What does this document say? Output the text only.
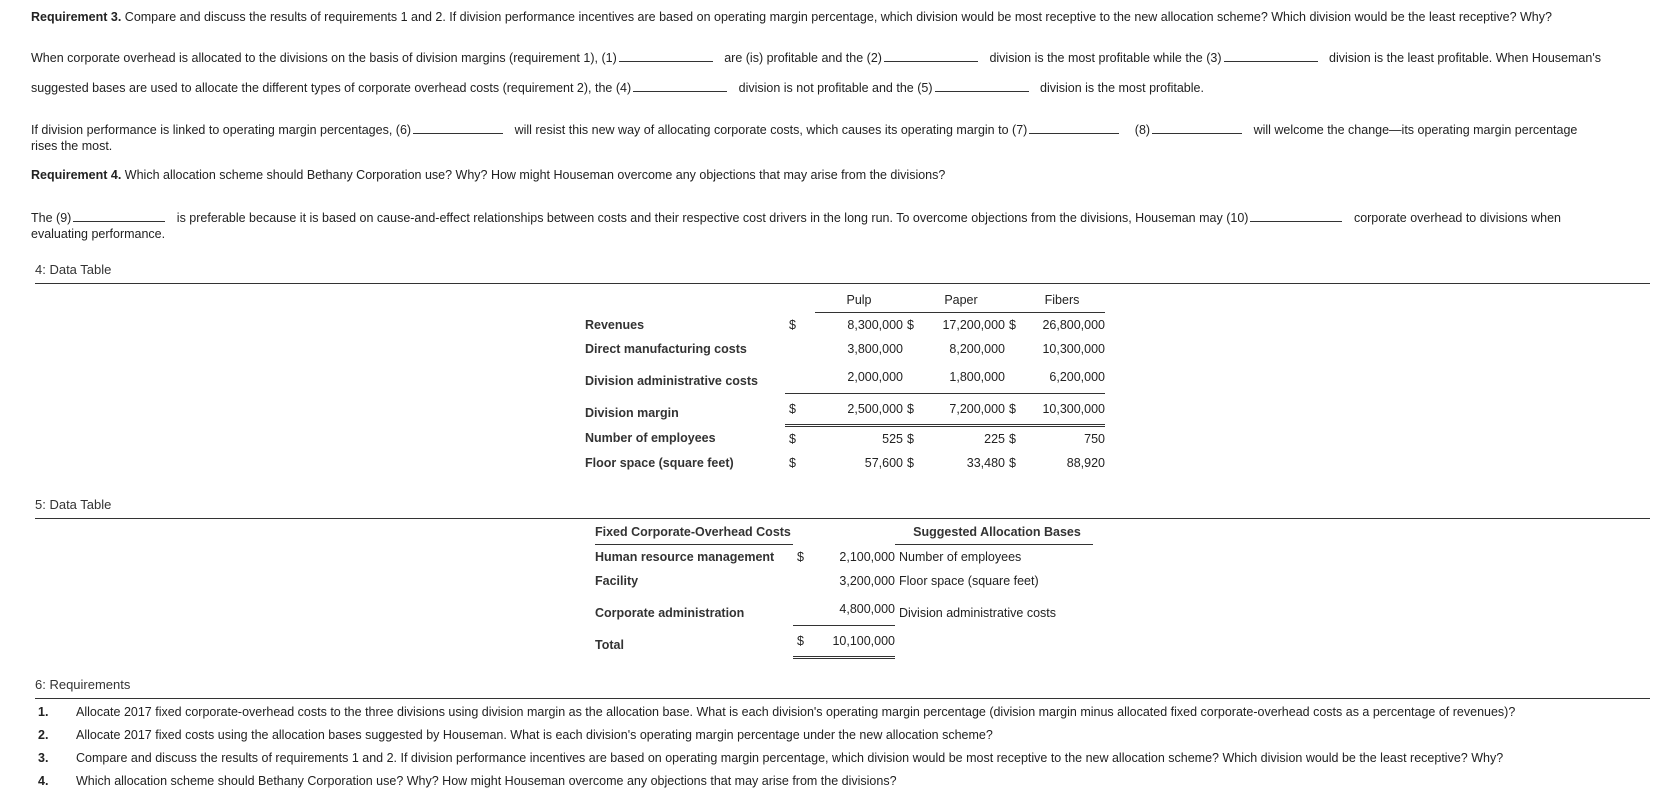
Requirement 3. Compare and discuss the results of requirements 1 and 2. If division performance incentives are based on operating margin percentage, which division would be most receptive to the new allocation scheme? Which division would be the least receptive? Why?
When corporate overhead is allocated to the divisions on the basis of division margins (requirement 1), (1)	are (is) profitable and the (2)	division is the most profitable while the (3)	division is the least profitable. When Houseman's
suggested bases are used to allocate the different types of corporate overhead costs (requirement 2), the (4)	division is not profitable and the (5)	division is the most profitable.
If division performance is linked to operating margin percentages, (6)	will resist this new way of allocating corporate costs, which causes its operating margin to (7)	(8)	will welcome the change—its operating margin percentage
rises the most.
Requirement 4. Which allocation scheme should Bethany Corporation use? Why? How might Houseman overcome any objections that may arise from the divisions?
The (9)	is preferable because it is based on cause-and-effect relationships between costs and their respective cost drivers in the long run. To overcome objections from the divisions, Houseman may (10)	corporate overhead to divisions when
evaluating performance.
4: Data Table
		Pulp		Paper		Fibers
Revenues	$	8,300,000	$	17,200,000	$	26,800,000
Direct manufacturing costs		3,800,000		8,200,000		10,300,000
Division administrative costs		2,000,000		1,800,000		6,200,000
Division margin	$	2,500,000	$	7,200,000	$	10,300,000
Number of employees	$	525	$	225	$	750
Floor space (square feet)	$	57,600	$	33,480	$	88,920
5: Data Table
Fixed Corporate-Overhead Costs			Suggested Allocation Bases
Human resource management	$	2,100,000	Number of employees
Facility		3,200,000	Floor space (square feet)
Corporate administration		4,800,000	Division administrative costs
Total	$	10,100,000	
6: Requirements
1. Allocate 2017 fixed corporate-overhead costs to the three divisions using division margin as the allocation base. What is each division's operating margin percentage (division margin minus allocated fixed corporate-overhead costs as a percentage of revenues)?
2. Allocate 2017 fixed costs using the allocation bases suggested by Houseman. What is each division's operating margin percentage under the new allocation scheme?
3. Compare and discuss the results of requirements 1 and 2. If division performance incentives are based on operating margin percentage, which division would be most receptive to the new allocation scheme? Which division would be the least receptive? Why?
4. Which allocation scheme should Bethany Corporation use? Why? How might Houseman overcome any objections that may arise from the divisions?
